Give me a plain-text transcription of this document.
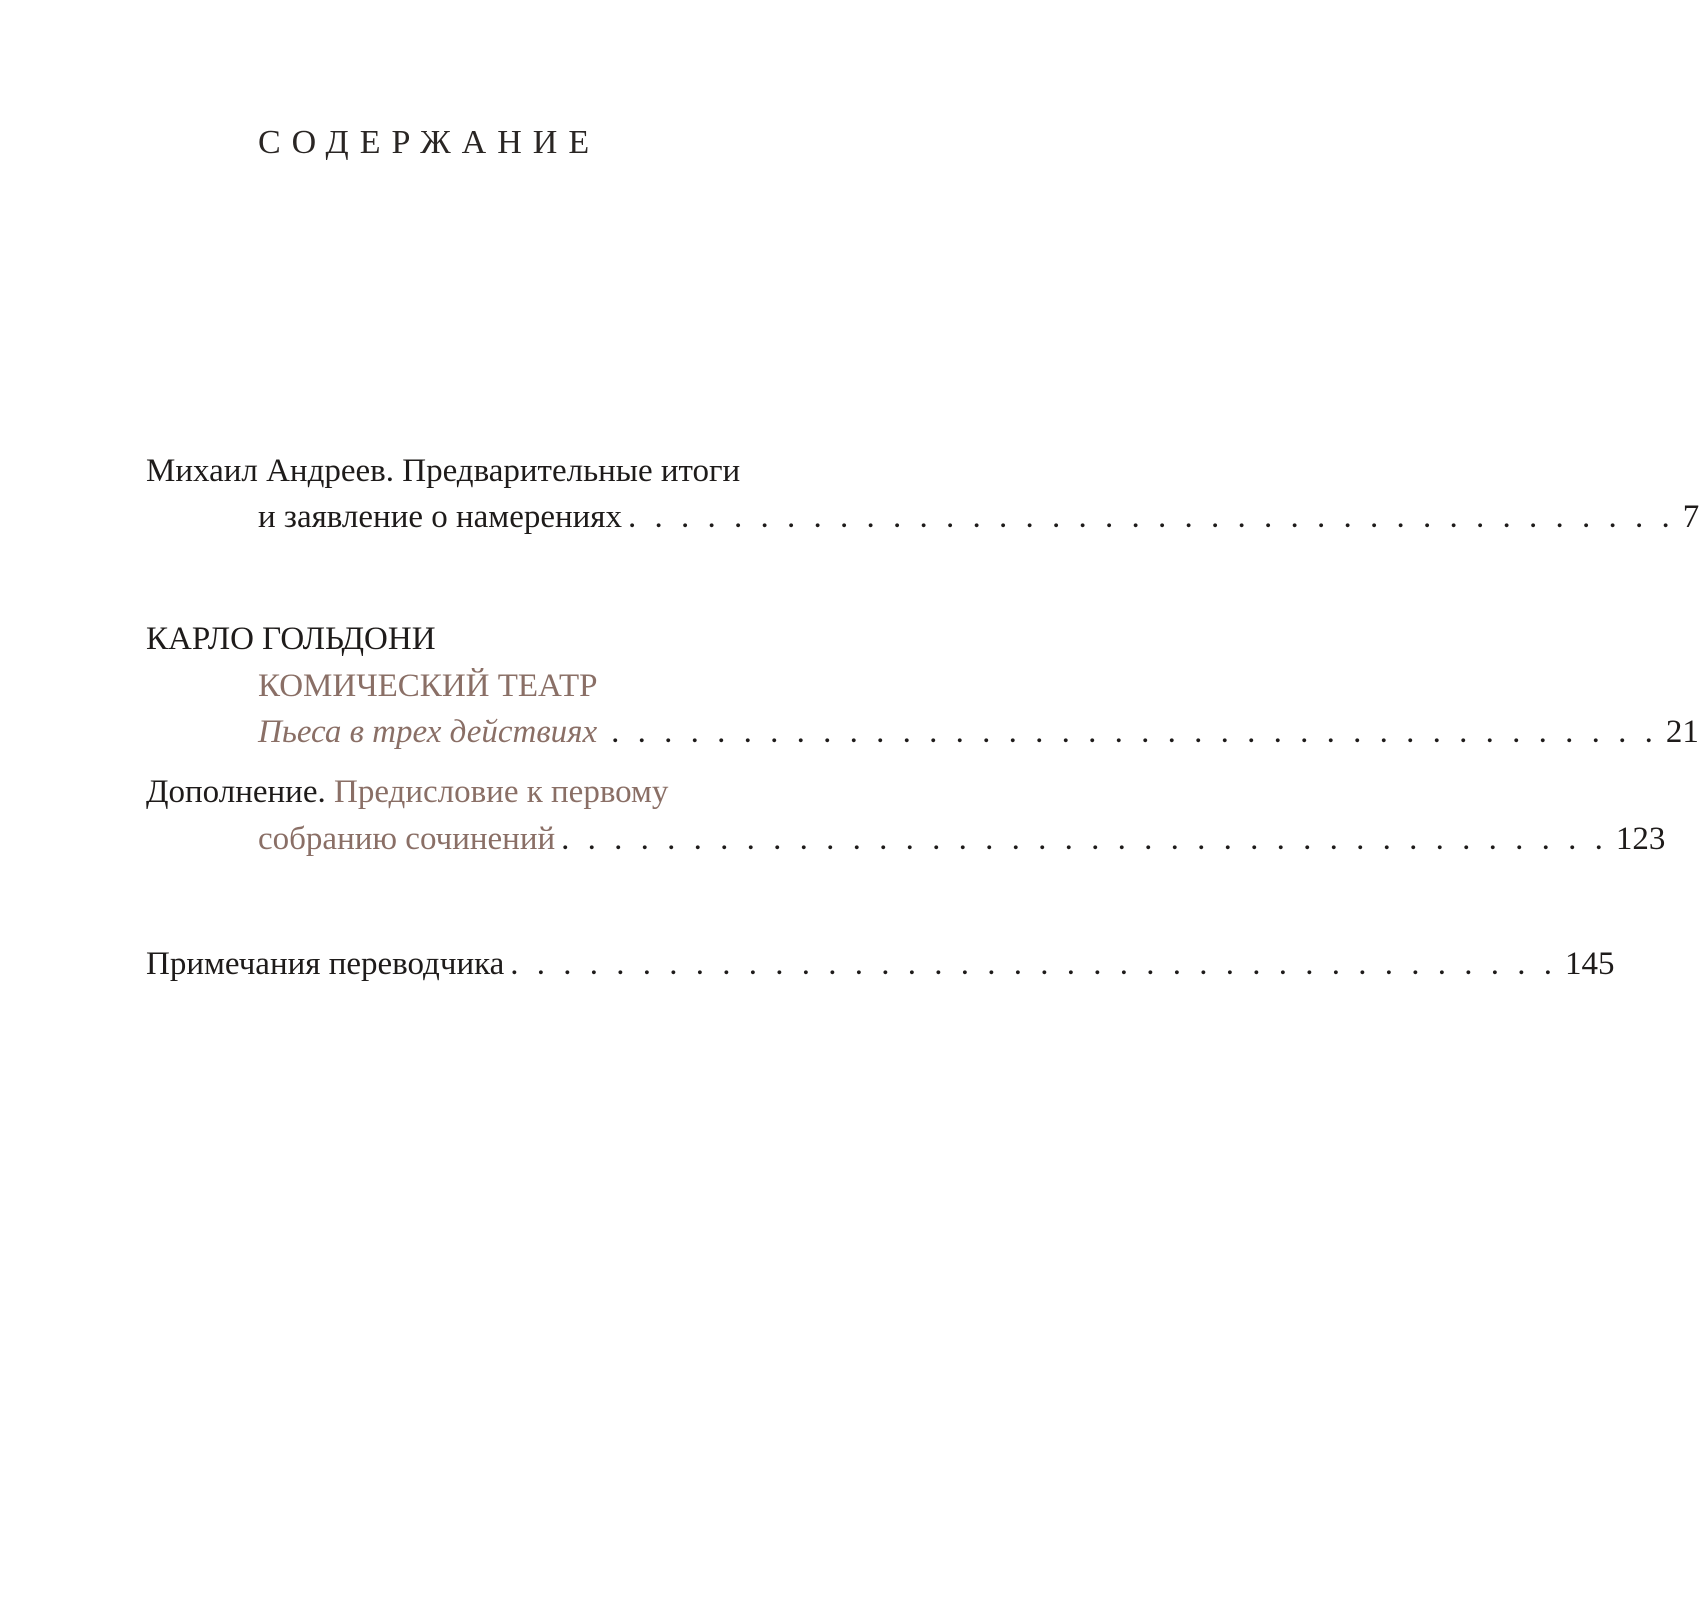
СОДЕРЖАНИЕ
Михаил Андреев. Предварительные итоги
и заявление о намерениях . . . . . . . . . . . . . . . . . . . . . . . . . . . . . . . . . . . . . . . . 7
КАРЛО ГОЛЬДОНИ
КОМИЧЕСКИЙ ТЕАТР
Пьеса в трех действиях . . . . . . . . . . . . . . . . . . . . . . . . . . . . . . . . . . . . . . . . 21
Дополнение. Предисловие к первому
собранию сочинений . . . . . . . . . . . . . . . . . . . . . . . . . . . . . . . . . . . . . . . . 123
Примечания переводчика . . . . . . . . . . . . . . . . . . . . . . . . . . . . . . . . . . . . . . . . 145
